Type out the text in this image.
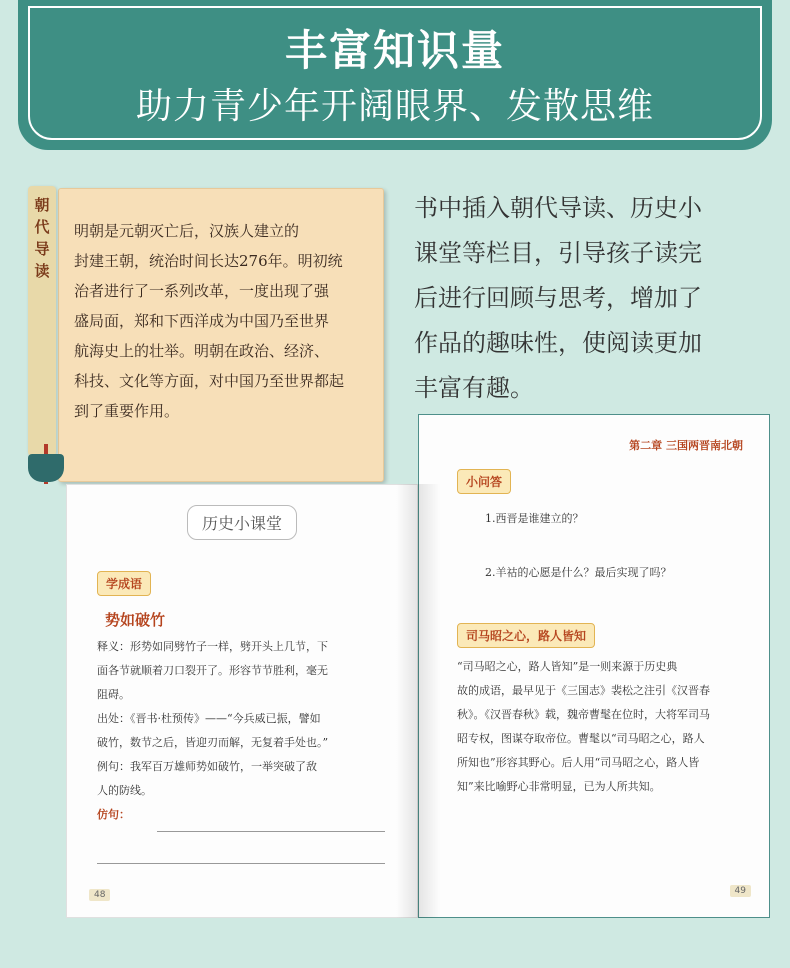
丰富知识量
助力青少年开阔眼界、发散思维
朝代导读
明朝是元朝灭亡后，汉族人建立的
封建王朝，统治时间长达276年。明初统
治者进行了一系列改革，一度出现了强
盛局面，郑和下西洋成为中国乃至世界
航海史上的壮举。明朝在政治、经济、
科技、文化等方面，对中国乃至世界都起
到了重要作用。
书中插入朝代导读、历史小
课堂等栏目，引导孩子读完
后进行回顾与思考，增加了
作品的趣味性，使阅读更加
丰富有趣。
历史小课堂
学成语
势如破竹
释义：形势如同劈竹子一样，劈开头上几节，下
面各节就顺着刀口裂开了。形容节节胜利，毫无
阻碍。
出处：《晋书·杜预传》——“今兵威已振，譬如
破竹，数节之后，皆迎刃而解，无复着手处也。”
例句：我军百万雄师势如破竹，一举突破了敌
人的防线。
仿句：
48
第二章 三国两晋南北朝
小问答
1.西晋是谁建立的？
2.羊祜的心愿是什么？最后实现了吗？
司马昭之心，路人皆知
“司马昭之心，路人皆知”是一则来源于历史典
故的成语，最早见于《三国志》裴松之注引《汉晋春
秋》。《汉晋春秋》载，魏帝曹髦在位时，大将军司马
昭专权，图谋夺取帝位。曹髦以“司马昭之心，路人
所知也”形容其野心。后人用“司马昭之心，路人皆
知”来比喻野心非常明显，已为人所共知。
49
